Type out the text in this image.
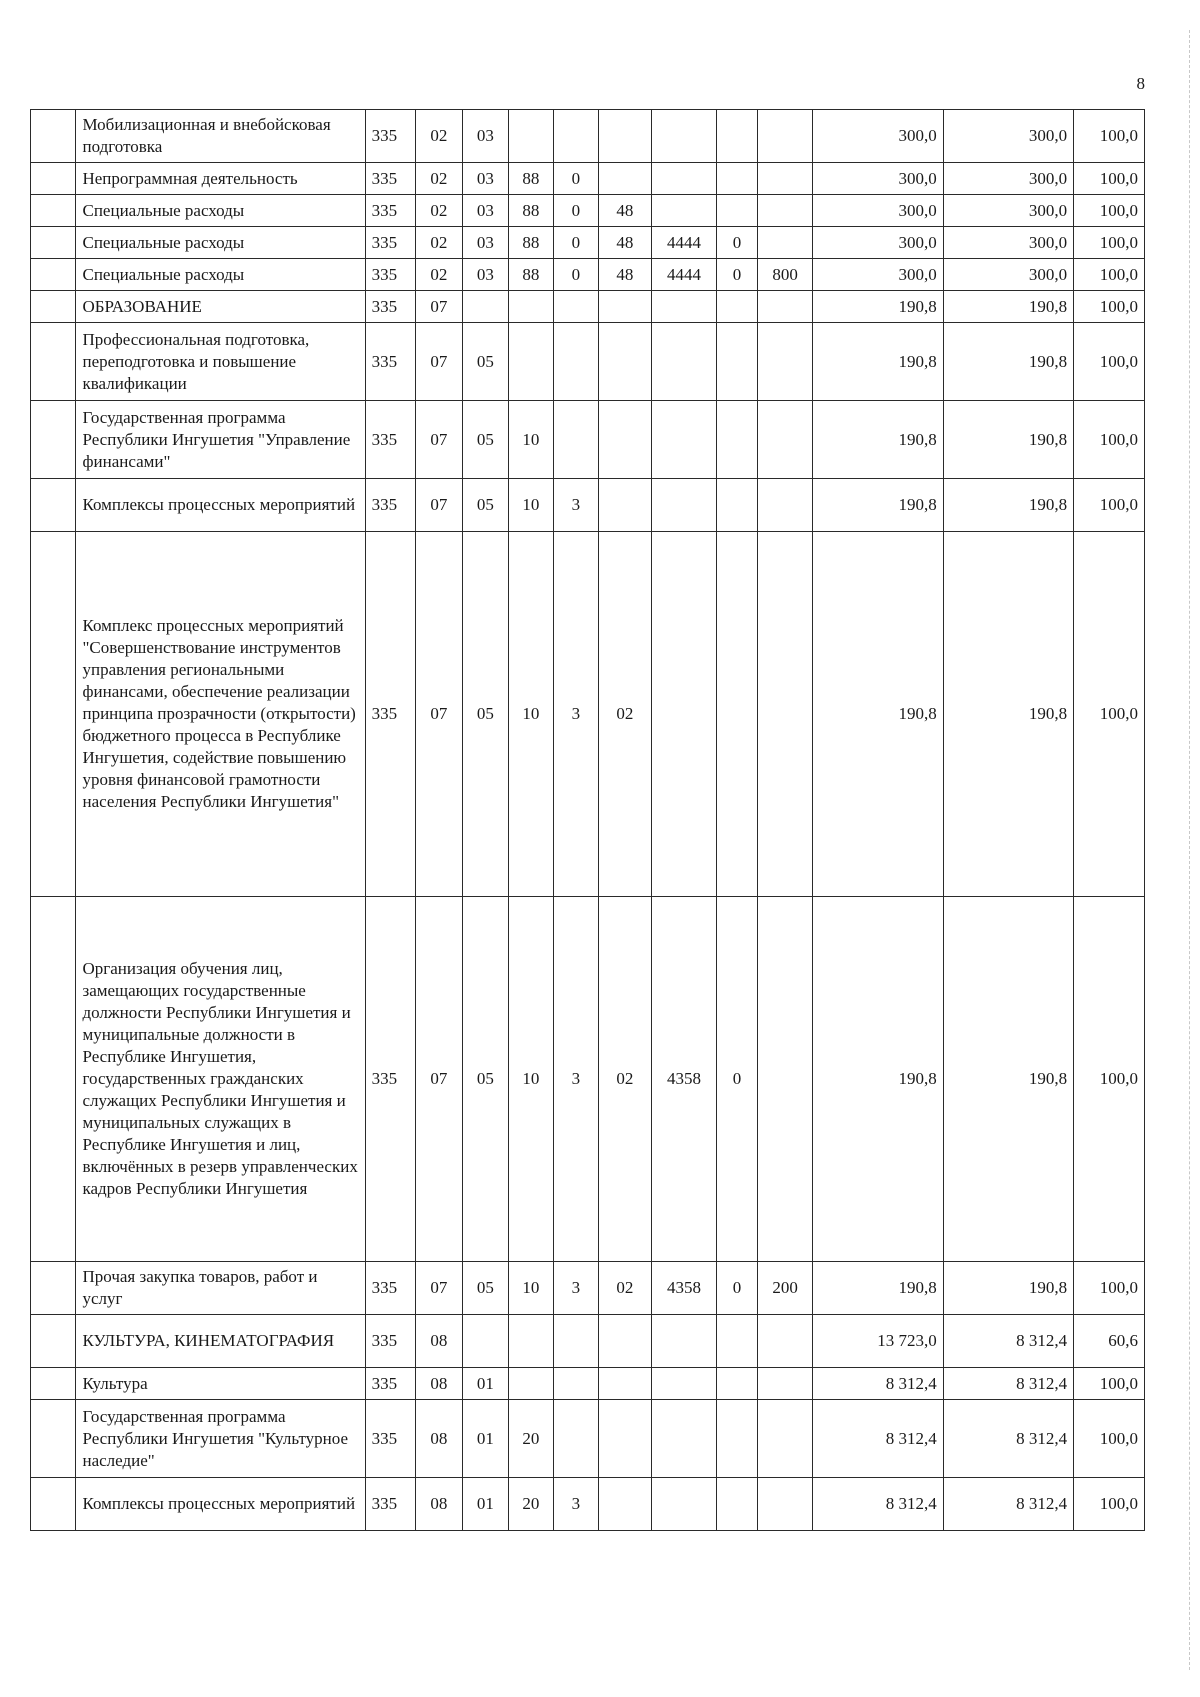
8
	Мобилизационная и внебойсковая подготовка	335	02	03							300,0	300,0	100,0
	Непрограммная деятельность	335	02	03	88	0					300,0	300,0	100,0
	Специальные расходы	335	02	03	88	0	48				300,0	300,0	100,0
	Специальные расходы	335	02	03	88	0	48	4444	0		300,0	300,0	100,0
	Специальные расходы	335	02	03	88	0	48	4444	0	800	300,0	300,0	100,0
	ОБРАЗОВАНИЕ	335	07								190,8	190,8	100,0
	Профессиональная подготовка, переподготовка и повышение квалификации	335	07	05							190,8	190,8	100,0
	Государственная программа Республики Ингушетия "Управление финансами"	335	07	05	10						190,8	190,8	100,0
	Комплексы процессных мероприятий	335	07	05	10	3					190,8	190,8	100,0
	Комплекс процессных мероприятий "Совершенствование инструментов управления региональными финансами, обеспечение реализации принципа прозрачности (открытости) бюджетного процесса в Республике Ингушетия, содействие повышению уровня финансовой грамотности населения Республики Ингушетия"	335	07	05	10	3	02				190,8	190,8	100,0
	Организация обучения лиц, замещающих государственные должности Республики Ингушетия и муниципальные должности в Республике Ингушетия, государственных гражданских служащих Республики Ингушетия и муниципальных служащих в Республике Ингушетия и лиц, включённых в резерв управленческих кадров Республики Ингушетия	335	07	05	10	3	02	4358	0		190,8	190,8	100,0
	Прочая закупка товаров, работ и услуг	335	07	05	10	3	02	4358	0	200	190,8	190,8	100,0
	КУЛЬТУРА, КИНЕМАТОГРАФИЯ	335	08								13 723,0	8 312,4	60,6
	Культура	335	08	01							8 312,4	8 312,4	100,0
	Государственная программа Республики Ингушетия "Культурное наследие"	335	08	01	20						8 312,4	8 312,4	100,0
	Комплексы процессных мероприятий	335	08	01	20	3					8 312,4	8 312,4	100,0
